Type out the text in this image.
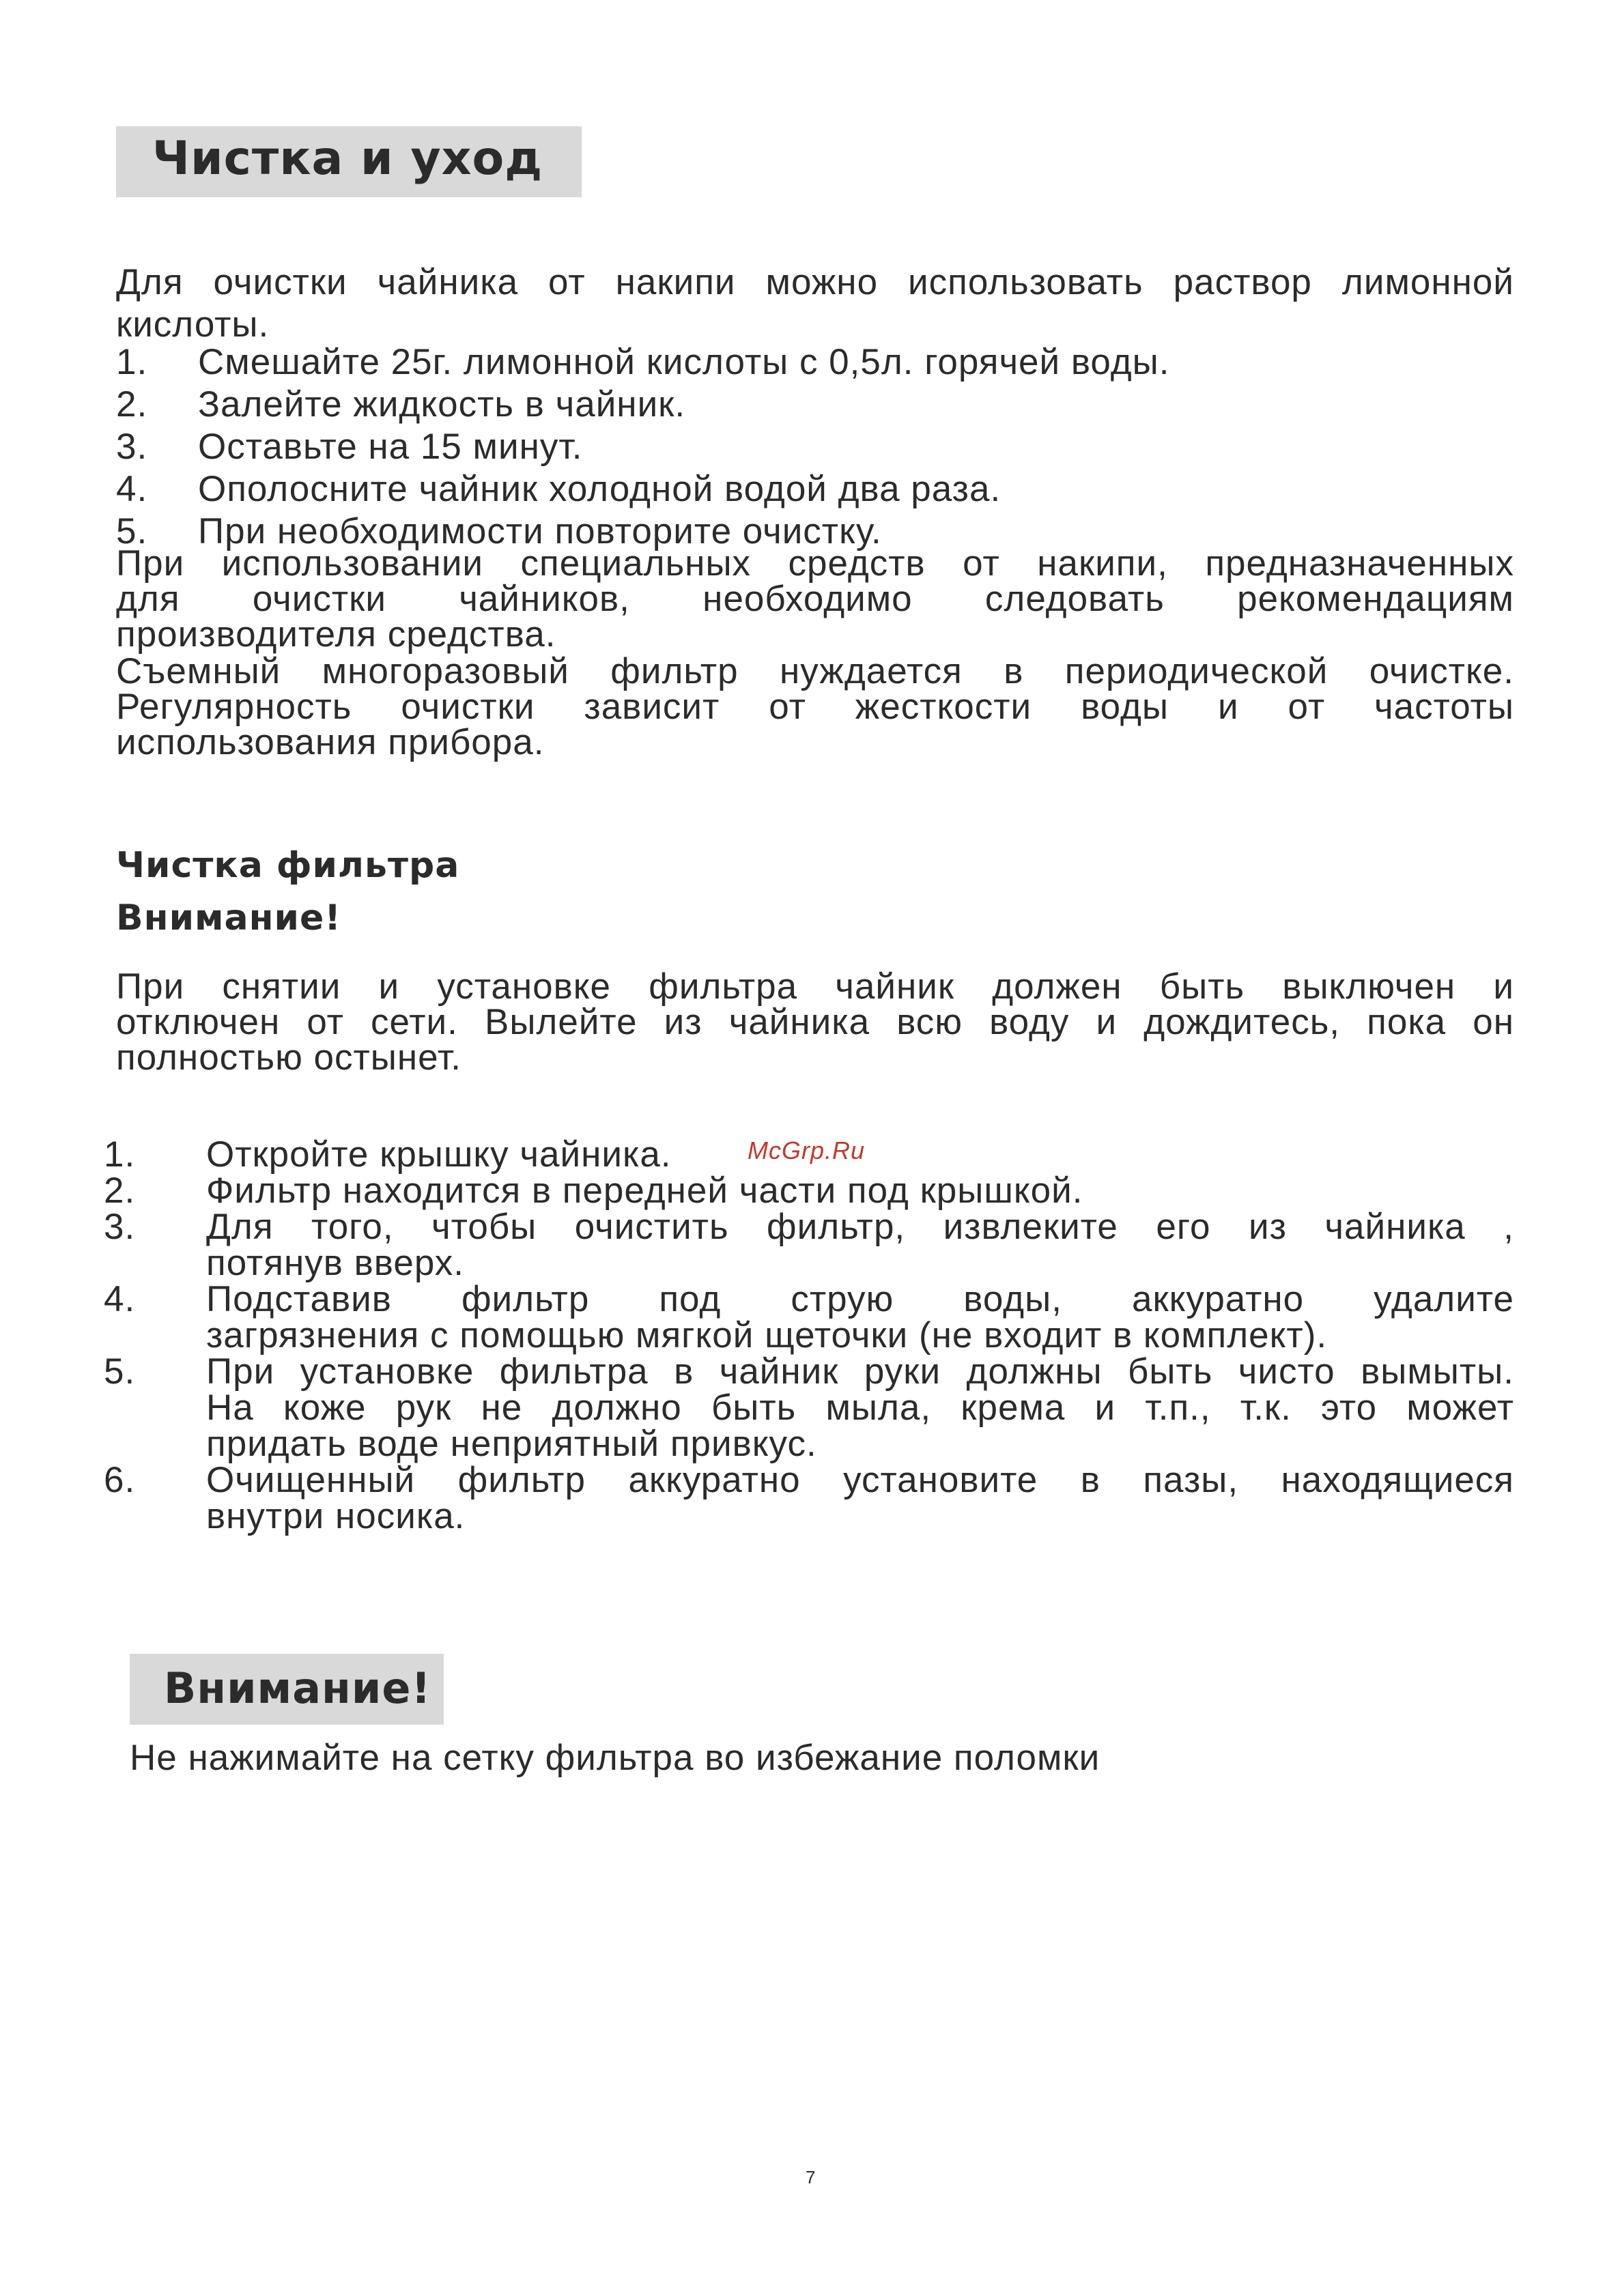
Чистка и уход
Для очистки чайника от накипи можно использовать раствор лимонной
кислоты.
1. Смешайте 25г. лимонной кислоты с 0,5л. горячей воды.
2. Залейте жидкость в чайник.
3. Оставьте на 15 минут.
4. Ополосните чайник холодной водой два раза.
5. При необходимости повторите очистку.
При использовании специальных средств от накипи, предназначенных
для очистки чайников, необходимо следовать рекомендациям
производителя средства.
Съемный многоразовый фильтр нуждается в периодической очистке.
Регулярность очистки зависит от жесткости воды и от частоты
использования прибора.
Чистка фильтра
Внимание!
При снятии и установке фильтра чайник должен быть выключен и
отключен от сети. Вылейте из чайника всю воду и дождитесь, пока он
полностью остынет.
1. Откройте крышку чайника.
2. Фильтр находится в передней части под крышкой.
3. Для того, чтобы очистить фильтр, извлеките его из чайника ,
потянув вверх.
4. Подставив фильтр под струю воды, аккуратно удалите
загрязнения с помощью мягкой щеточки (не входит в комплект).
5. При установке фильтра в чайник руки должны быть чисто вымыты.
На коже рук не должно быть мыла, крема и т.п., т.к. это может
придать воде неприятный привкус.
6. Очищенный фильтр аккуратно установите в пазы, находящиеся
внутри носика.
McGrp.Ru
Внимание!
Не нажимайте на сетку фильтра во избежание поломки
7
